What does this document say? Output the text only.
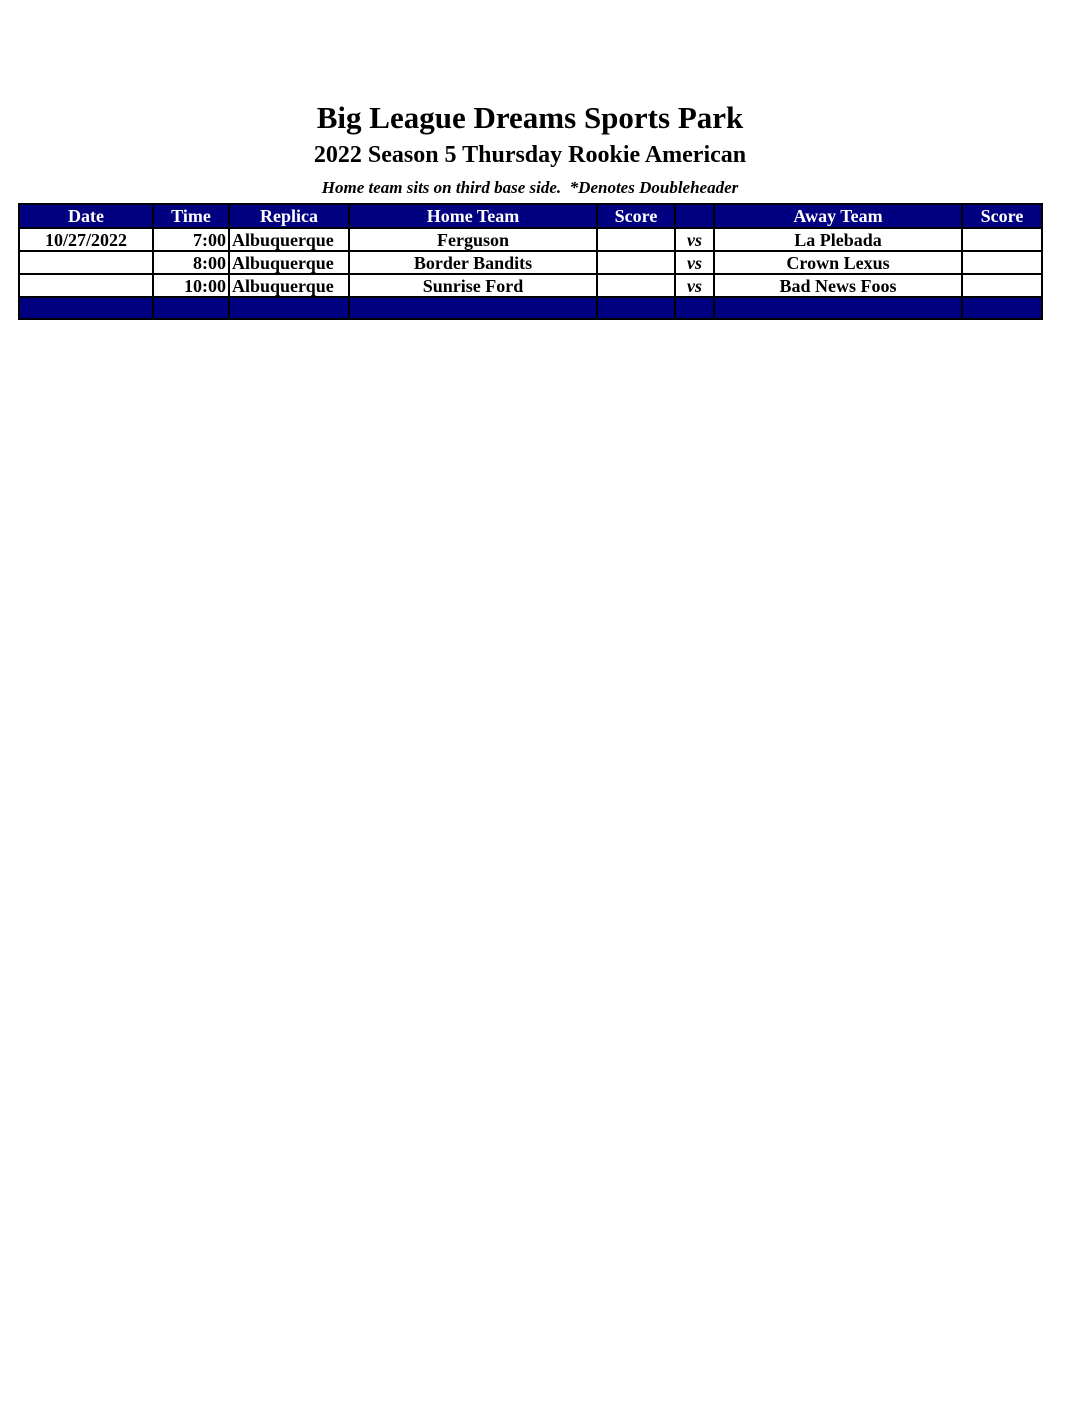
Big League Dreams Sports Park
2022 Season 5 Thursday Rookie American

Home team sits on third base side.  *Denotes Doubleheader

Date	Time	Replica	Home Team	Score		Away Team	Score
10/27/2022	7:00	Albuquerque	Ferguson		vs	La Plebada	
	8:00	Albuquerque	Border Bandits		vs	Crown Lexus	
	10:00	Albuquerque	Sunrise Ford		vs	Bad News Foos	
